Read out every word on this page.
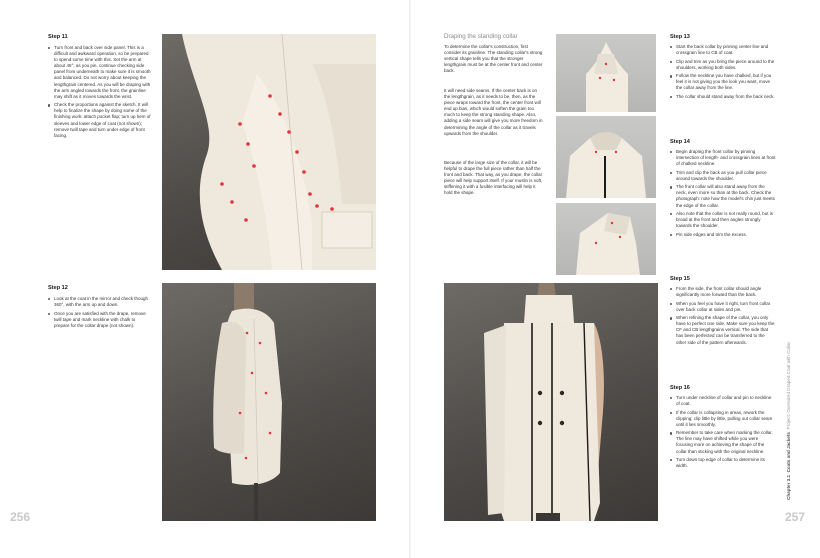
Step 11
Turn front and back over side panel. This is a difficult and awkward operation, so be prepared to spend some time with this. Set the arm at about 45°; as you pin, continue checking side panel from underneath to make sure it is smooth and balanced. Do not worry about keeping the lengthgrain centered. As you will be draping with the arm angled towards the front, the grainline may shift as it moves towards the wrist.
Check the proportions against the sketch. It will help to finalize the shape by doing some of the finishing work: attach pocket flap; turn up hem of sleeves and lower edge of coat (not shown); remove twill tape and turn under edge of front facing.
Step 12
Look at the coat in the mirror and check though 360°, with the arm up and down.
Once you are satisfied with the drape, remove twill tape and mark neckline with chalk to prepare for the collar drape (not shown).
256
Draping the standing collar

To determine the collar's construction, first consider its grainline. The standing collar's strong vertical shape tells you that the stronger lengthgrain must be at the center front and center back.

It will need side seams. If the center back is on the lengthgrain, as it needs to be, then, as the piece wraps toward the front, the center front will end up bias, which would soften the grain too much to keep the strong standing shape. Also, adding a side seam will give you more freedom in determining the angle of the collar as it travels upwards from the shoulder.

Because of the large size of the collar, it will be helpful to drape the full piece rather than half the front and back. That way, as you drape, the collar piece will help support itself. If your muslin is soft, stiffening it with a fusible interfacing will help it hold the shape.

Step 13
Start the back collar by pinning center line and crossgrain line to CB of coat.
Clip and trim as you bring the piece around to the shoulders, working both sides.
Follow the neckline you have chalked, but if you feel it is not giving you the look you want, move the collar away from the line.
The collar should stand away from the back neck.
Step 14
Begin draping the front collar by pinning intersection of length- and crossgrain lines at front of chalked neckline.
Trim and clip the back as you pull collar piece around towards the shoulder.
The front collar will also stand away from the neck, even more so than at the back. Check the photograph: note how the model's chin just meets the edge of the collar.
Also note that the collar is not really round, but is broad at the front and then angles strongly towards the shoulder.
Pin side edges and trim the excess.
Step 15
From the side, the front collar should angle significantly more forward than the back.
When you feel you have it right, turn front collar over back collar at sides and pin.
When refining the shape of the collar, you only have to perfect one side. Make sure you keep the CF and CB lengthgrains vertical. The side that has been perfected can be transferred to the other side of the pattern afterwards.
Step 16
Turn under neckline of collar and pin to neckline of coat.
If the collar is collapsing in areas, rework the clipping; clip little by little, pulling out collar seam until it lies smoothly.
Remember to take care when marking the collar. The line may have shifted while you were focusing more on achieving the shape of the collar than sticking with the original neckline.
Turn down top edge of collar to determine its width.
Chapter 3.1  Coats and Jackets  Project: Oversized Draped Coat with Collar
257
